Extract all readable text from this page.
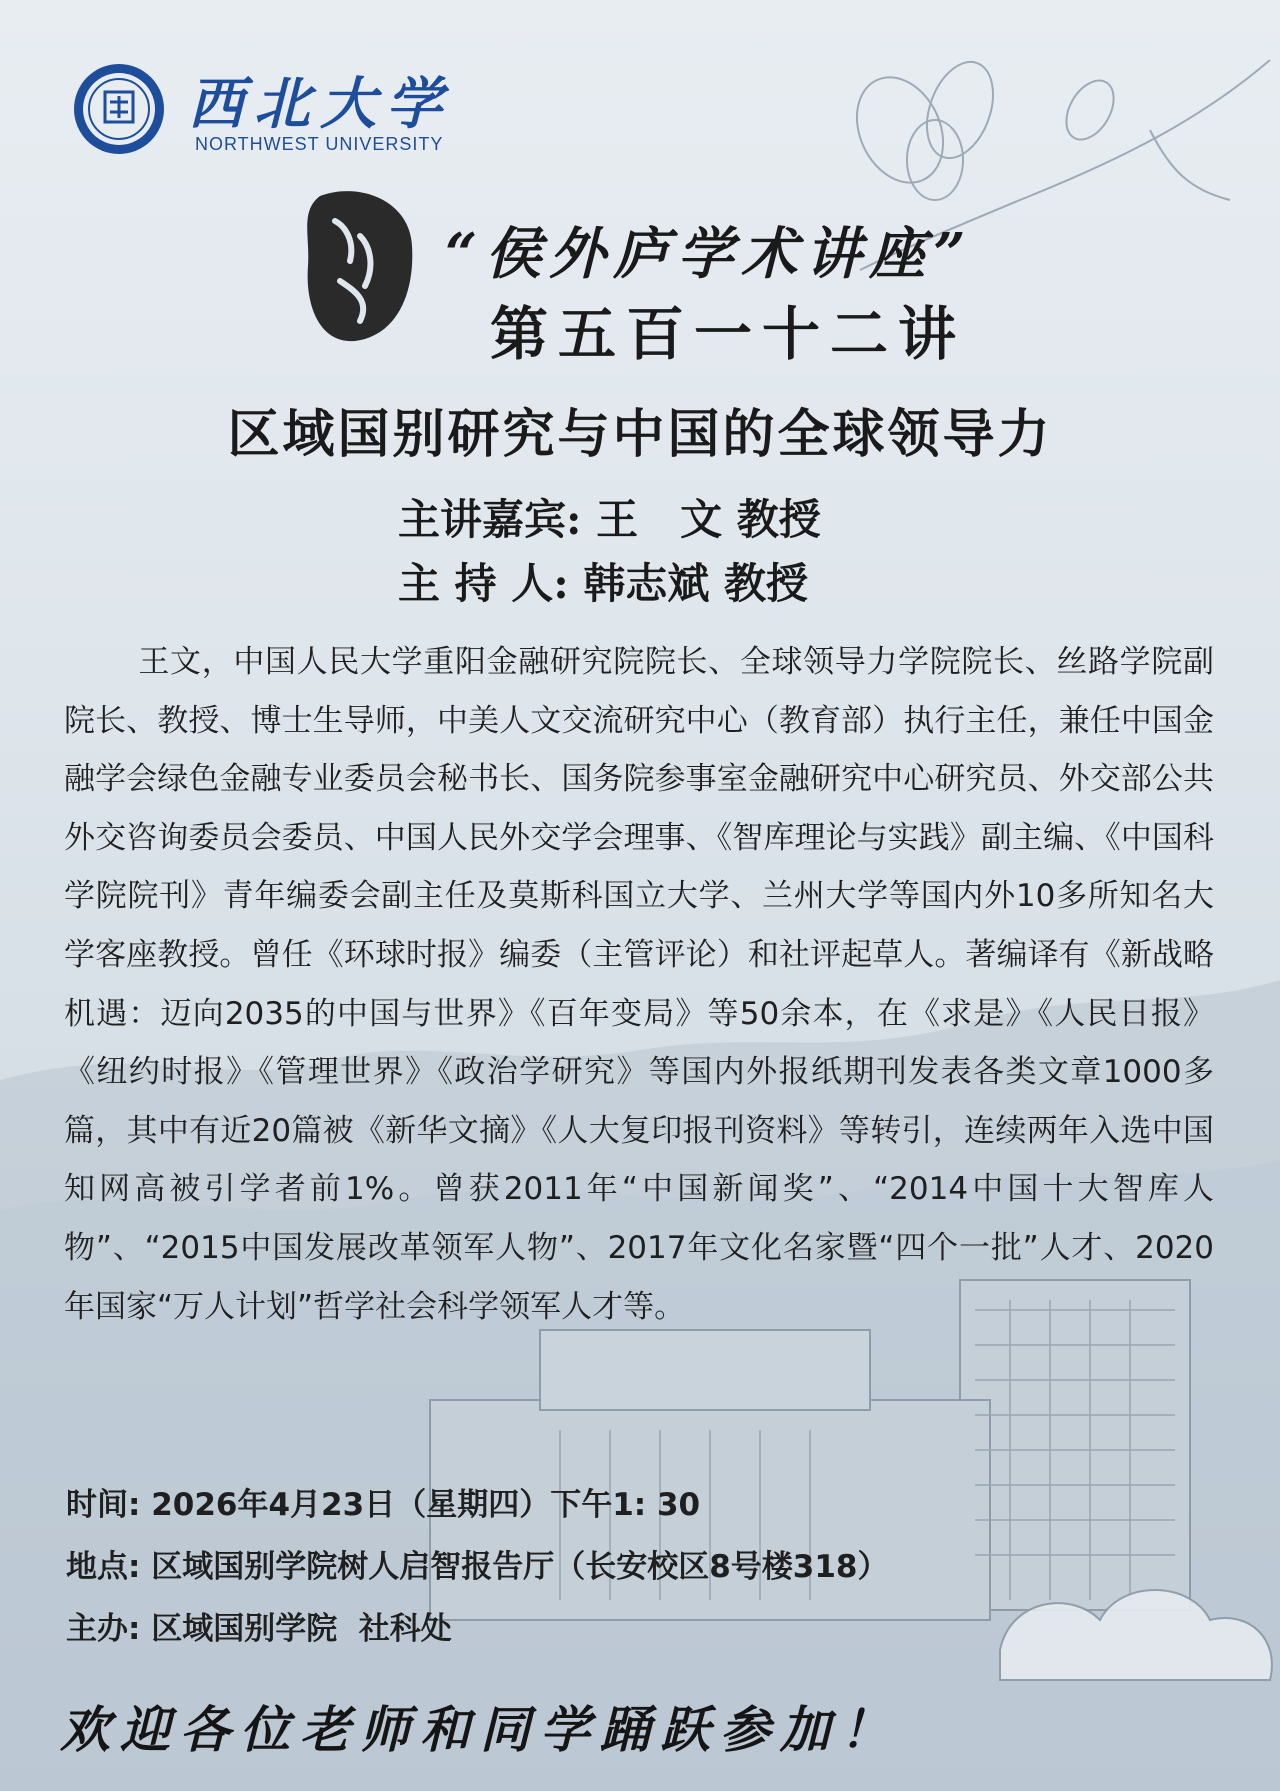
西北大学
NORTHWEST UNIVERSITY
“侯外庐学术讲座”
第五百一十二讲
区域国别研究与中国的全球领导力
主讲嘉宾: 王　文 教授
主 持 人: 韩志斌 教授
王文，中国人民大学重阳金融研究院院长、全球领导力学院院长、丝路学院副院长、教授、博士生导师，中美人文交流研究中心（教育部）执行主任，兼任中国金融学会绿色金融专业委员会秘书长、国务院参事室金融研究中心研究员、外交部公共外交咨询委员会委员、中国人民外交学会理事、《智库理论与实践》副主编、《中国科学院院刊》青年编委会副主任及莫斯科国立大学、兰州大学等国内外10多所知名大学客座教授。曾任《环球时报》编委（主管评论）和社评起草人。著编译有《新战略机遇：迈向2035的中国与世界》《百年变局》等50余本，在《求是》《人民日报》《纽约时报》《管理世界》《政治学研究》等国内外报纸期刊发表各类文章1000多篇，其中有近20篇被《新华文摘》《人大复印报刊资料》等转引，连续两年入选中国知网高被引学者前1%。曾获2011年“中国新闻奖”、“2014中国十大智库人物”、“2015中国发展改革领军人物”、2017年文化名家暨“四个一批”人才、2020年国家“万人计划”哲学社会科学领军人才等。
时间: 2026年4月23日（星期四）下午1: 30
地点: 区域国别学院树人启智报告厅（长安校区8号楼318）
主办: 区域国别学院  社科处
欢迎各位老师和同学踊跃参加！
